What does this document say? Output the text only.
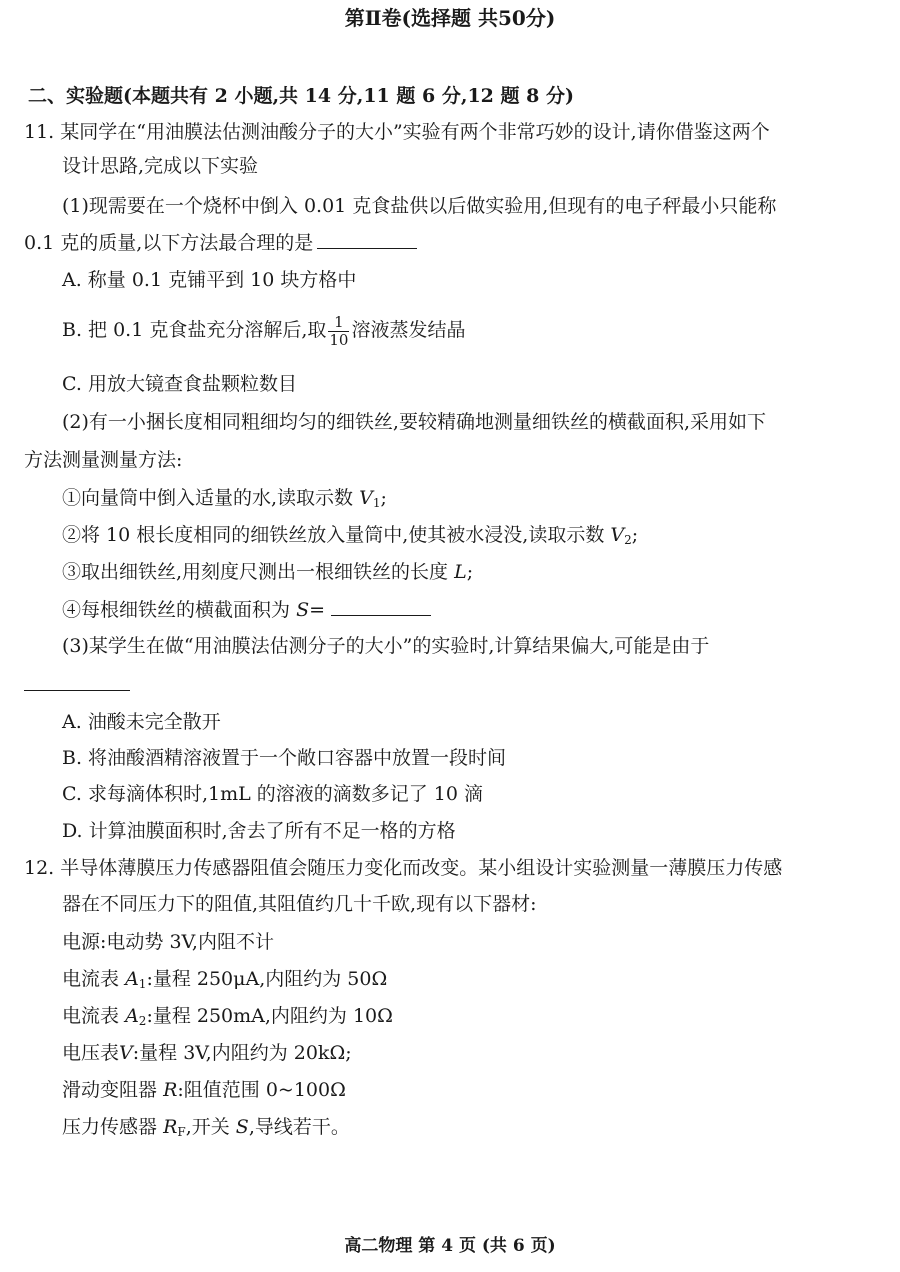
第Ⅱ卷(选择题 共50分)
二、实验题(本题共有 2 小题,共 14 分,11 题 6 分,12 题 8 分)
11. 某同学在“用油膜法估测油酸分子的大小”实验有两个非常巧妙的设计,请你借鉴这两个
设计思路,完成以下实验
(1)现需要在一个烧杯中倒入 0.01 克食盐供以后做实验用,但现有的电子秤最小只能称
0.1 克的质量,以下方法最合理的是
A. 称量 0.1 克铺平到 10 块方格中
B. 把 0.1 克食盐充分溶解后,取 $\frac{1}{10}$ 溶液蒸发结晶
C. 用放大镜查食盐颗粒数目
(2)有一小捆长度相同粗细均匀的细铁丝,要较精确地测量细铁丝的横截面积,采用如下
方法测量测量方法:
①向量筒中倒入适量的水,读取示数 $V_1$;
②将 10 根长度相同的细铁丝放入量筒中,使其被水浸没,读取示数 $V_2$;
③取出细铁丝,用刻度尺测出一根细铁丝的长度 L;
④每根细铁丝的横截面积为 S=
(3)某学生在做“用油膜法估测分子的大小”的实验时,计算结果偏大,可能是由于
A. 油酸未完全散开
B. 将油酸酒精溶液置于一个敞口容器中放置一段时间
C. 求每滴体积时,1mL 的溶液的滴数多记了 10 滴
D. 计算油膜面积时,舍去了所有不足一格的方格
12. 半导体薄膜压力传感器阻值会随压力变化而改变。某小组设计实验测量一薄膜压力传感
器在不同压力下的阻值,其阻值约几十千欧,现有以下器材:
电源:电动势 3V,内阻不计
电流表 $A_1$:量程 250μA,内阻约为 50Ω
电流表 $A_2$:量程 250mA,内阻约为 10Ω
电压表V:量程 3V,内阻约为 20kΩ;
滑动变阻器 R:阻值范围 0~100Ω
压力传感器 $R_F$,开关 S,导线若干。
高二物理 第 4 页 (共 6 页)
